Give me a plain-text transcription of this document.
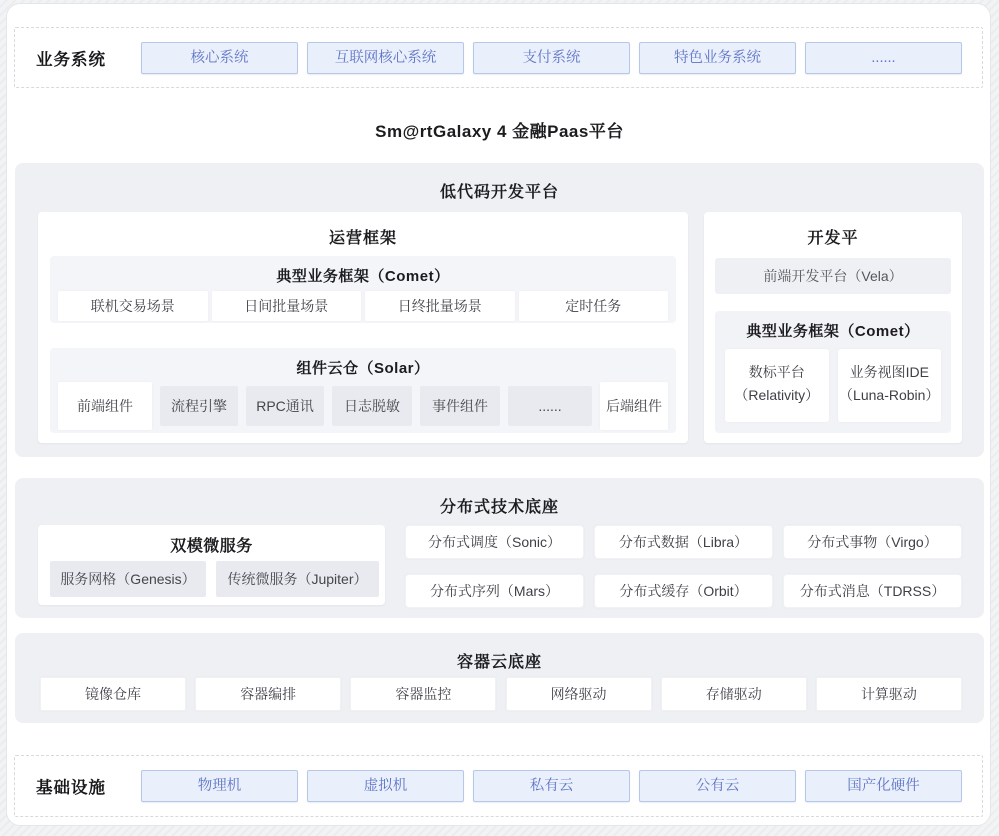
业务系统	核心系统	互联网核心系统	支付系统	特色业务系统	......
Sm@rtGalaxy 4 金融Paas平台
低代码开发平台
运营框架
典型业务框架（Comet）
联机交易场景	日间批量场景	日终批量场景	定时任务
组件云仓（Solar）
前端组件	流程引擎	RPC通讯	日志脱敏	事件组件	......	后端组件
开发平
前端开发平台（Vela）
典型业务框架（Comet）
数标平台
（Relativity）
业务视图IDE
（Luna-Robin）
分布式技术底座
双模微服务
服务网格（Genesis）	传统微服务（Jupiter）
分布式调度（Sonic）	分布式数据（Libra）	分布式事物（Virgo）
分布式序列（Mars）	分布式缓存（Orbit）	分布式消息（TDRSS）
容器云底座
镜像仓库	容器编排	容器监控	网络驱动	存储驱动	计算驱动
基础设施	物理机	虚拟机	私有云	公有云	国产化硬件
